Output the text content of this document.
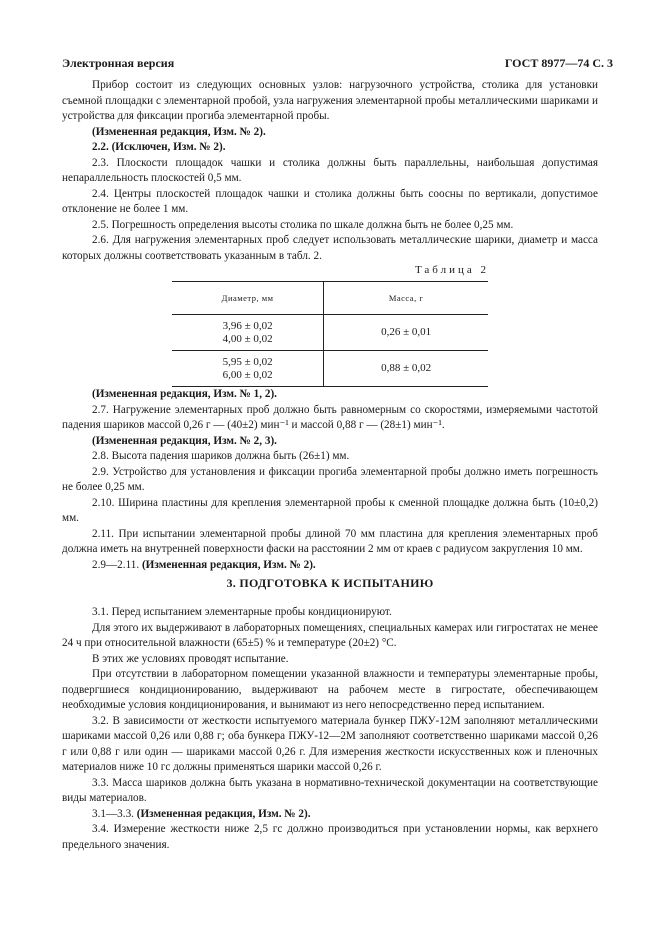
Электронная версия	ГОСТ 8977—74 С. 3

Прибор состоит из следующих основных узлов: нагрузочного устройства, столика для установки съемной площадки с элементарной пробой, узла нагружения элементарной пробы металлическими шариками и устройства для фиксации прогиба элементарной пробы.

(Измененная редакция, Изм. № 2).

2.2. (Исключен, Изм. № 2).

2.3. Плоскости площадок чашки и столика должны быть параллельны, наибольшая допустимая непараллельность плоскостей 0,5 мм.

2.4. Центры плоскостей площадок чашки и столика должны быть соосны по вертикали, допустимое отклонение не более 1 мм.

2.5. Погрешность определения высоты столика по шкале должна быть не более 0,25 мм.

2.6. Для нагружения элементарных проб следует использовать металлические шарики, диаметр и масса которых должны соответствовать указанным в табл. 2.

Таблица 2
Диаметр, мм	Масса, г

3,96 ± 0,02
4,00 ± 0,02	0,26 ± 0,01

5,95 ± 0,02
6,00 ± 0,02	0,88 ± 0,02

(Измененная редакция, Изм. № 1, 2).

2.7. Нагружение элементарных проб должно быть равномерным со скоростями, измеряемыми частотой падения шариков массой 0,26 г — (40±2) мин⁻¹ и массой 0,88 г — (28±1) мин⁻¹.

(Измененная редакция, Изм. № 2, 3).

2.8. Высота падения шариков должна быть (26±1) мм.

2.9. Устройство для установления и фиксации прогиба элементарной пробы должно иметь погрешность не более 0,25 мм.

2.10. Ширина пластины для крепления элементарной пробы к сменной площадке должна быть (10±0,2) мм.

2.11. При испытании элементарной пробы длиной 70 мм пластина для крепления элементарных проб должна иметь на внутренней поверхности фаски на расстоянии 2 мм от краев с радиусом закругления 10 мм.

2.9—2.11. (Измененная редакция, Изм. № 2).

3. ПОДГОТОВКА К ИСПЫТАНИЮ

3.1. Перед испытанием элементарные пробы кондиционируют.

Для этого их выдерживают в лабораторных помещениях, специальных камерах или гигростатах не менее 24 ч при относительной влажности (65±5) % и температуре (20±2) °С.

В этих же условиях проводят испытание.

При отсутствии в лабораторном помещении указанной влажности и температуры элементарные пробы, подвергшиеся кондиционированию, выдерживают на рабочем месте в гигростате, обеспечивающем необходимые условия кондиционирования, и вынимают из него непосредственно перед испытанием.

3.2. В зависимости от жесткости испытуемого материала бункер ПЖУ-12М заполняют металлическими шариками массой 0,26 или 0,88 г; оба бункера ПЖУ-12—2М заполняют соответственно шариками массой 0,26 г или 0,88 г или один — шариками массой 0,26 г. Для измерения жесткости искусственных кож и пленочных материалов ниже 10 гс должны применяться шарики массой 0,26 г.

3.3. Масса шариков должна быть указана в нормативно-технической документации на соответствующие виды материалов.

3.1—3.3. (Измененная редакция, Изм. № 2).

3.4. Измерение жесткости ниже 2,5 гс должно производиться при установлении нормы, как верхнего предельного значения.
